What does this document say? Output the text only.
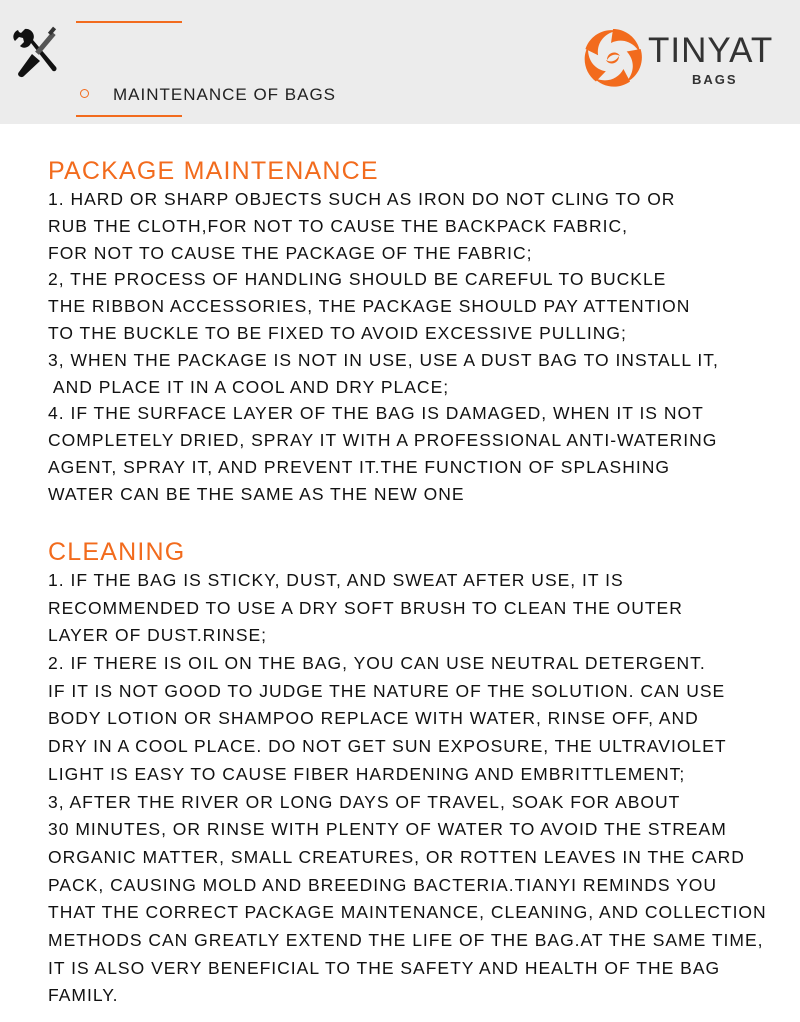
MAINTENANCE OF BAGS
TINYAT
BAGS
PACKAGE MAINTENANCE
1. HARD OR SHARP OBJECTS SUCH AS IRON DO NOT CLING TO OR
RUB THE CLOTH,FOR NOT TO CAUSE THE BACKPACK FABRIC,
FOR NOT TO CAUSE THE PACKAGE OF THE FABRIC;
2, THE PROCESS OF HANDLING SHOULD BE CAREFUL TO BUCKLE
THE RIBBON ACCESSORIES, THE PACKAGE SHOULD PAY ATTENTION
TO THE BUCKLE TO BE FIXED TO AVOID EXCESSIVE PULLING;
3, WHEN THE PACKAGE IS NOT IN USE, USE A DUST BAG TO INSTALL IT,
AND PLACE IT IN A COOL AND DRY PLACE;
4. IF THE SURFACE LAYER OF THE BAG IS DAMAGED, WHEN IT IS NOT
COMPLETELY DRIED, SPRAY IT WITH A PROFESSIONAL ANTI-WATERING
AGENT, SPRAY IT, AND PREVENT IT.THE FUNCTION OF SPLASHING
WATER CAN BE THE SAME AS THE NEW ONE
CLEANING
1. IF THE BAG IS STICKY, DUST, AND SWEAT AFTER USE, IT IS
RECOMMENDED TO USE A DRY SOFT BRUSH TO CLEAN THE OUTER
LAYER OF DUST.RINSE;
2. IF THERE IS OIL ON THE BAG, YOU CAN USE NEUTRAL DETERGENT.
IF IT IS NOT GOOD TO JUDGE THE NATURE OF THE SOLUTION. CAN USE
BODY LOTION OR SHAMPOO REPLACE WITH WATER, RINSE OFF, AND
DRY IN A COOL PLACE. DO NOT GET SUN EXPOSURE, THE ULTRAVIOLET
LIGHT IS EASY TO CAUSE FIBER HARDENING AND EMBRITTLEMENT;
3, AFTER THE RIVER OR LONG DAYS OF TRAVEL, SOAK FOR ABOUT
30 MINUTES, OR RINSE WITH PLENTY OF WATER TO AVOID THE STREAM
ORGANIC MATTER, SMALL CREATURES, OR ROTTEN LEAVES IN THE CARD
PACK, CAUSING MOLD AND BREEDING BACTERIA.TIANYI REMINDS YOU
THAT THE CORRECT PACKAGE MAINTENANCE, CLEANING, AND COLLECTION
METHODS CAN GREATLY EXTEND THE LIFE OF THE BAG.AT THE SAME TIME,
IT IS ALSO VERY BENEFICIAL TO THE SAFETY AND HEALTH OF THE BAG
FAMILY.
